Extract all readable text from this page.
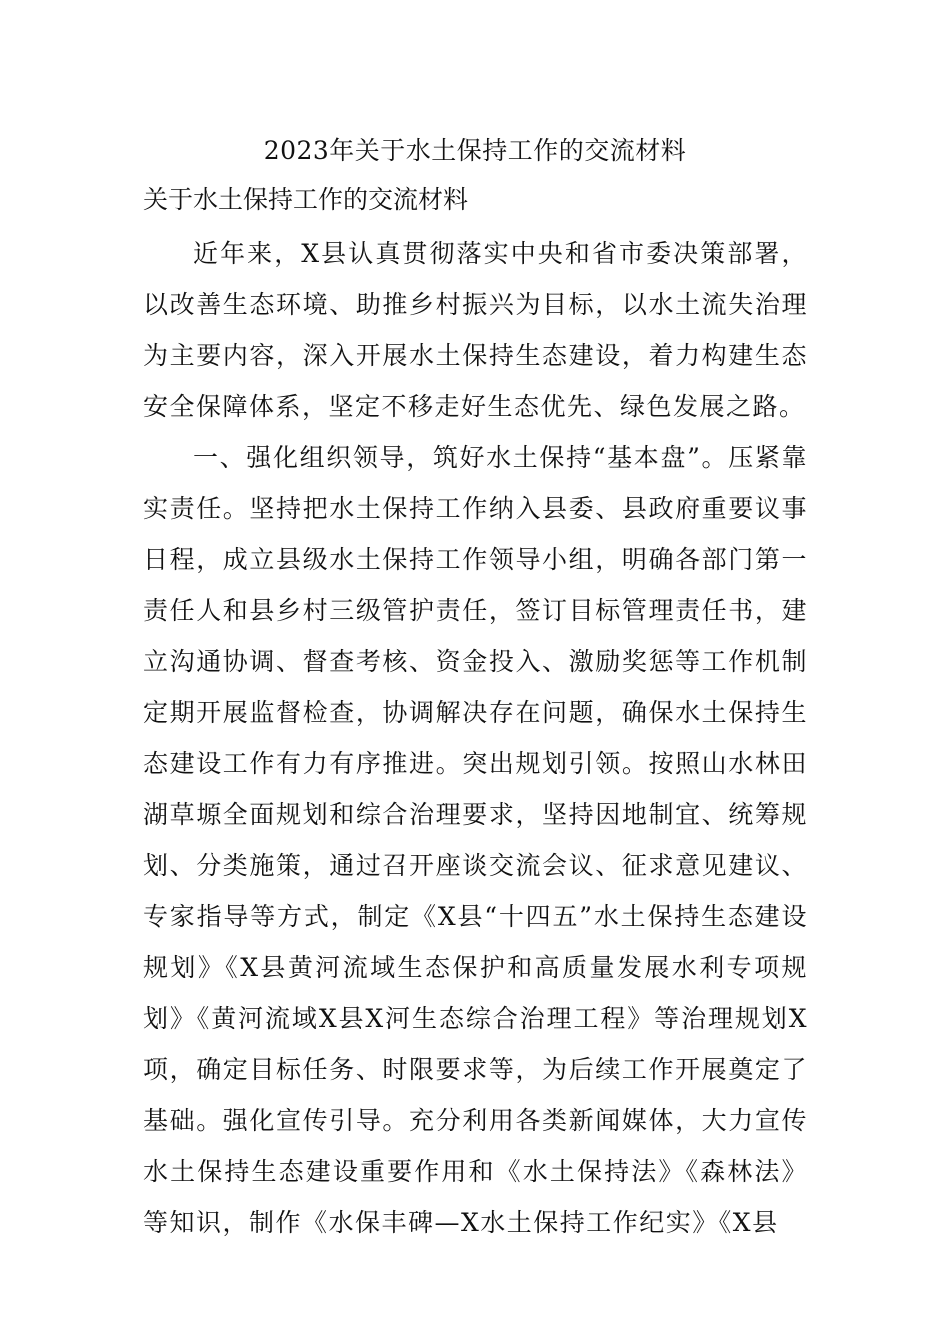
2023年关于水土保持工作的交流材料
关于水土保持工作的交流材料

近年来，X县认真贯彻落实中央和省市委决策部署，以改善生态环境、助推乡村振兴为目标，以水土流失治理为主要内容，深入开展水土保持生态建设，着力构建生态安全保障体系，坚定不移走好生态优先、绿色发展之路。

一、强化组织领导，筑好水土保持“基本盘”。压紧靠实责任。坚持把水土保持工作纳入县委、县政府重要议事日程，成立县级水土保持工作领导小组，明确各部门第一责任人和县乡村三级管护责任，签订目标管理责任书，建立沟通协调、督查考核、资金投入、激励奖惩等工作机制定期开展监督检查，协调解决存在问题，确保水土保持生态建设工作有力有序推进。突出规划引领。按照山水林田湖草塬全面规划和综合治理要求，坚持因地制宜、统筹规划、分类施策，通过召开座谈交流会议、征求意见建议、专家指导等方式，制定《X县“十四五”水土保持生态建设规划》《X县黄河流域生态保护和高质量发展水利专项规划》《黄河流域X县X河生态综合治理工程》等治理规划X项，确定目标任务、时限要求等，为后续工作开展奠定了基础。强化宣传引导。充分利用各类新闻媒体，大力宣传水土保持生态建设重要作用和《水土保持法》《森林法》等知识，制作《水保丰碑—X水土保持工作纪实》《X县
